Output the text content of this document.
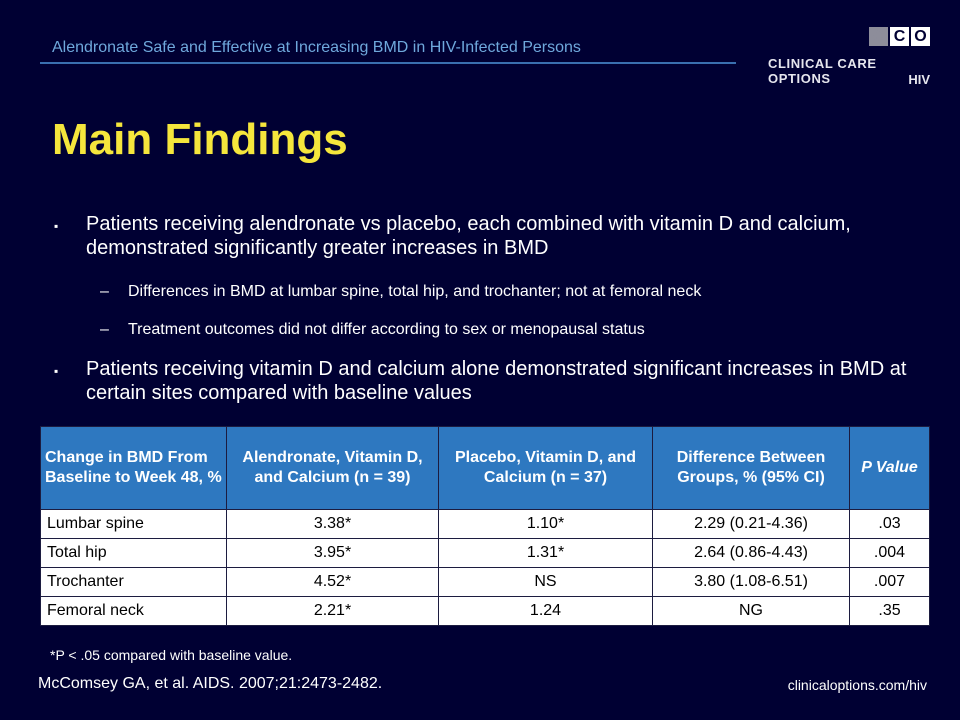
Alendronate Safe and Effective at Increasing BMD in HIV-Infected Persons
C C O
CLINICAL CARE OPTIONS	HIV
Main Findings
▪ Patients receiving alendronate vs placebo, each combined with vitamin D and calcium, demonstrated significantly greater increases in BMD
– Differences in BMD at lumbar spine, total hip, and trochanter; not at femoral neck
– Treatment outcomes did not differ according to sex or menopausal status
▪ Patients receiving vitamin D and calcium alone demonstrated significant increases in BMD at certain sites compared with baseline values
Change in BMD From Baseline to Week 48, %	Alendronate, Vitamin D, and Calcium (n = 39)	Placebo, Vitamin D, and Calcium (n = 37)	Difference Between Groups, % (95% CI)	P Value
Lumbar spine	3.38*	1.10*	2.29 (0.21-4.36)	.03
Total hip	3.95*	1.31*	2.64 (0.86-4.43)	.004
Trochanter	4.52*	NS	3.80 (1.08-6.51)	.007
Femoral neck	2.21*	1.24	NG	.35
*P < .05 compared with baseline value.
McComsey GA, et al. AIDS. 2007;21:2473-2482.	clinicaloptions.com/hiv
